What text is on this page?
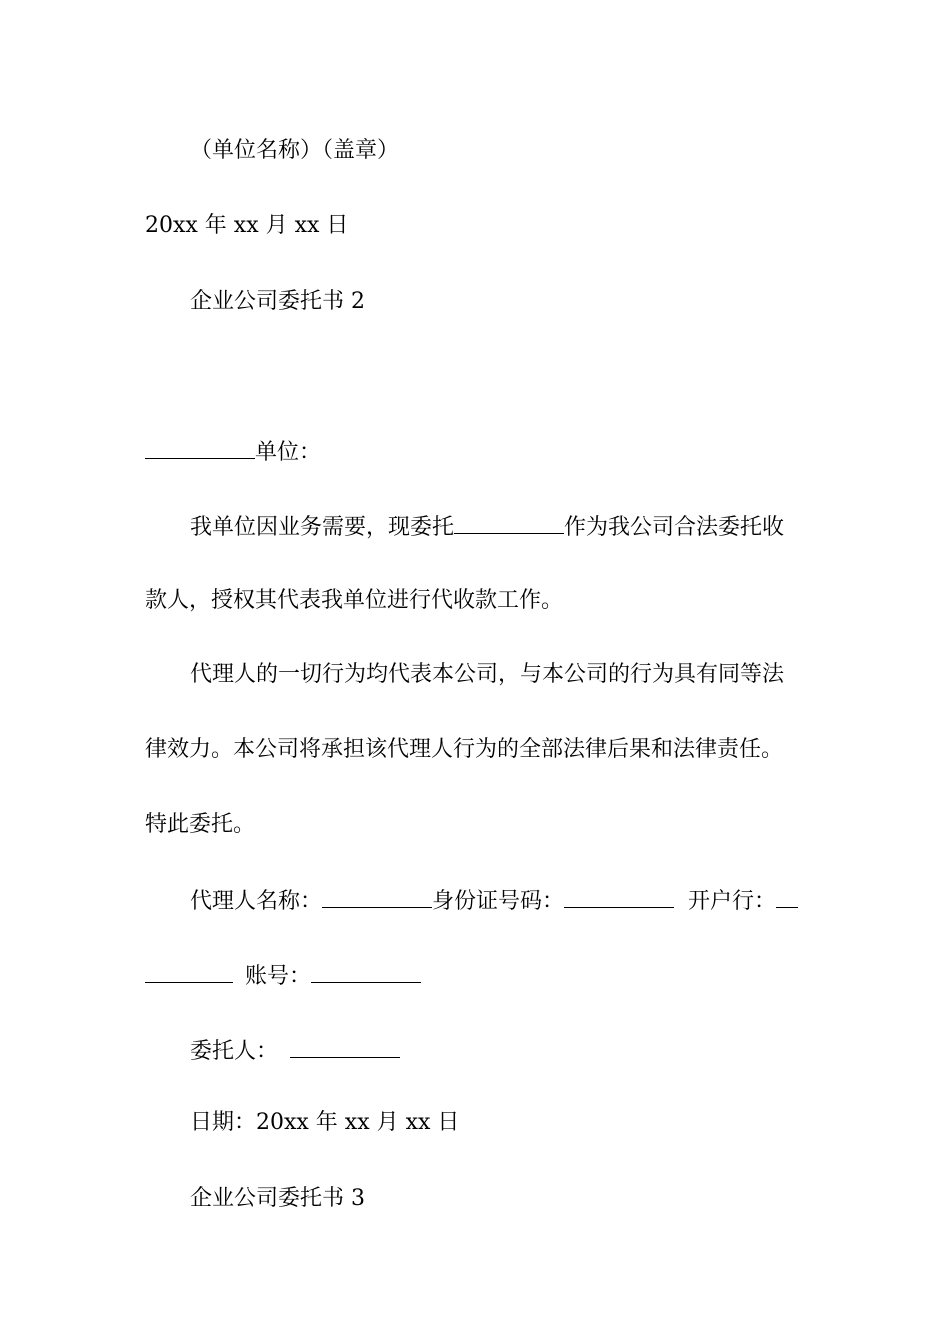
（单位名称）（盖章）
20xx 年 xx 月 xx 日
企业公司委托书 2
单位：
我单位因业务需要，现委托	作为我公司合法委托收
款人，授权其代表我单位进行代收款工作。
代理人的一切行为均代表本公司，与本公司的行为具有同等法
律效力。本公司将承担该代理人行为的全部法律后果和法律责任。
特此委托。
代理人名称：	身份证号码：	开户行：
账号：
委托人：
日期：20xx 年 xx 月 xx 日
企业公司委托书 3
